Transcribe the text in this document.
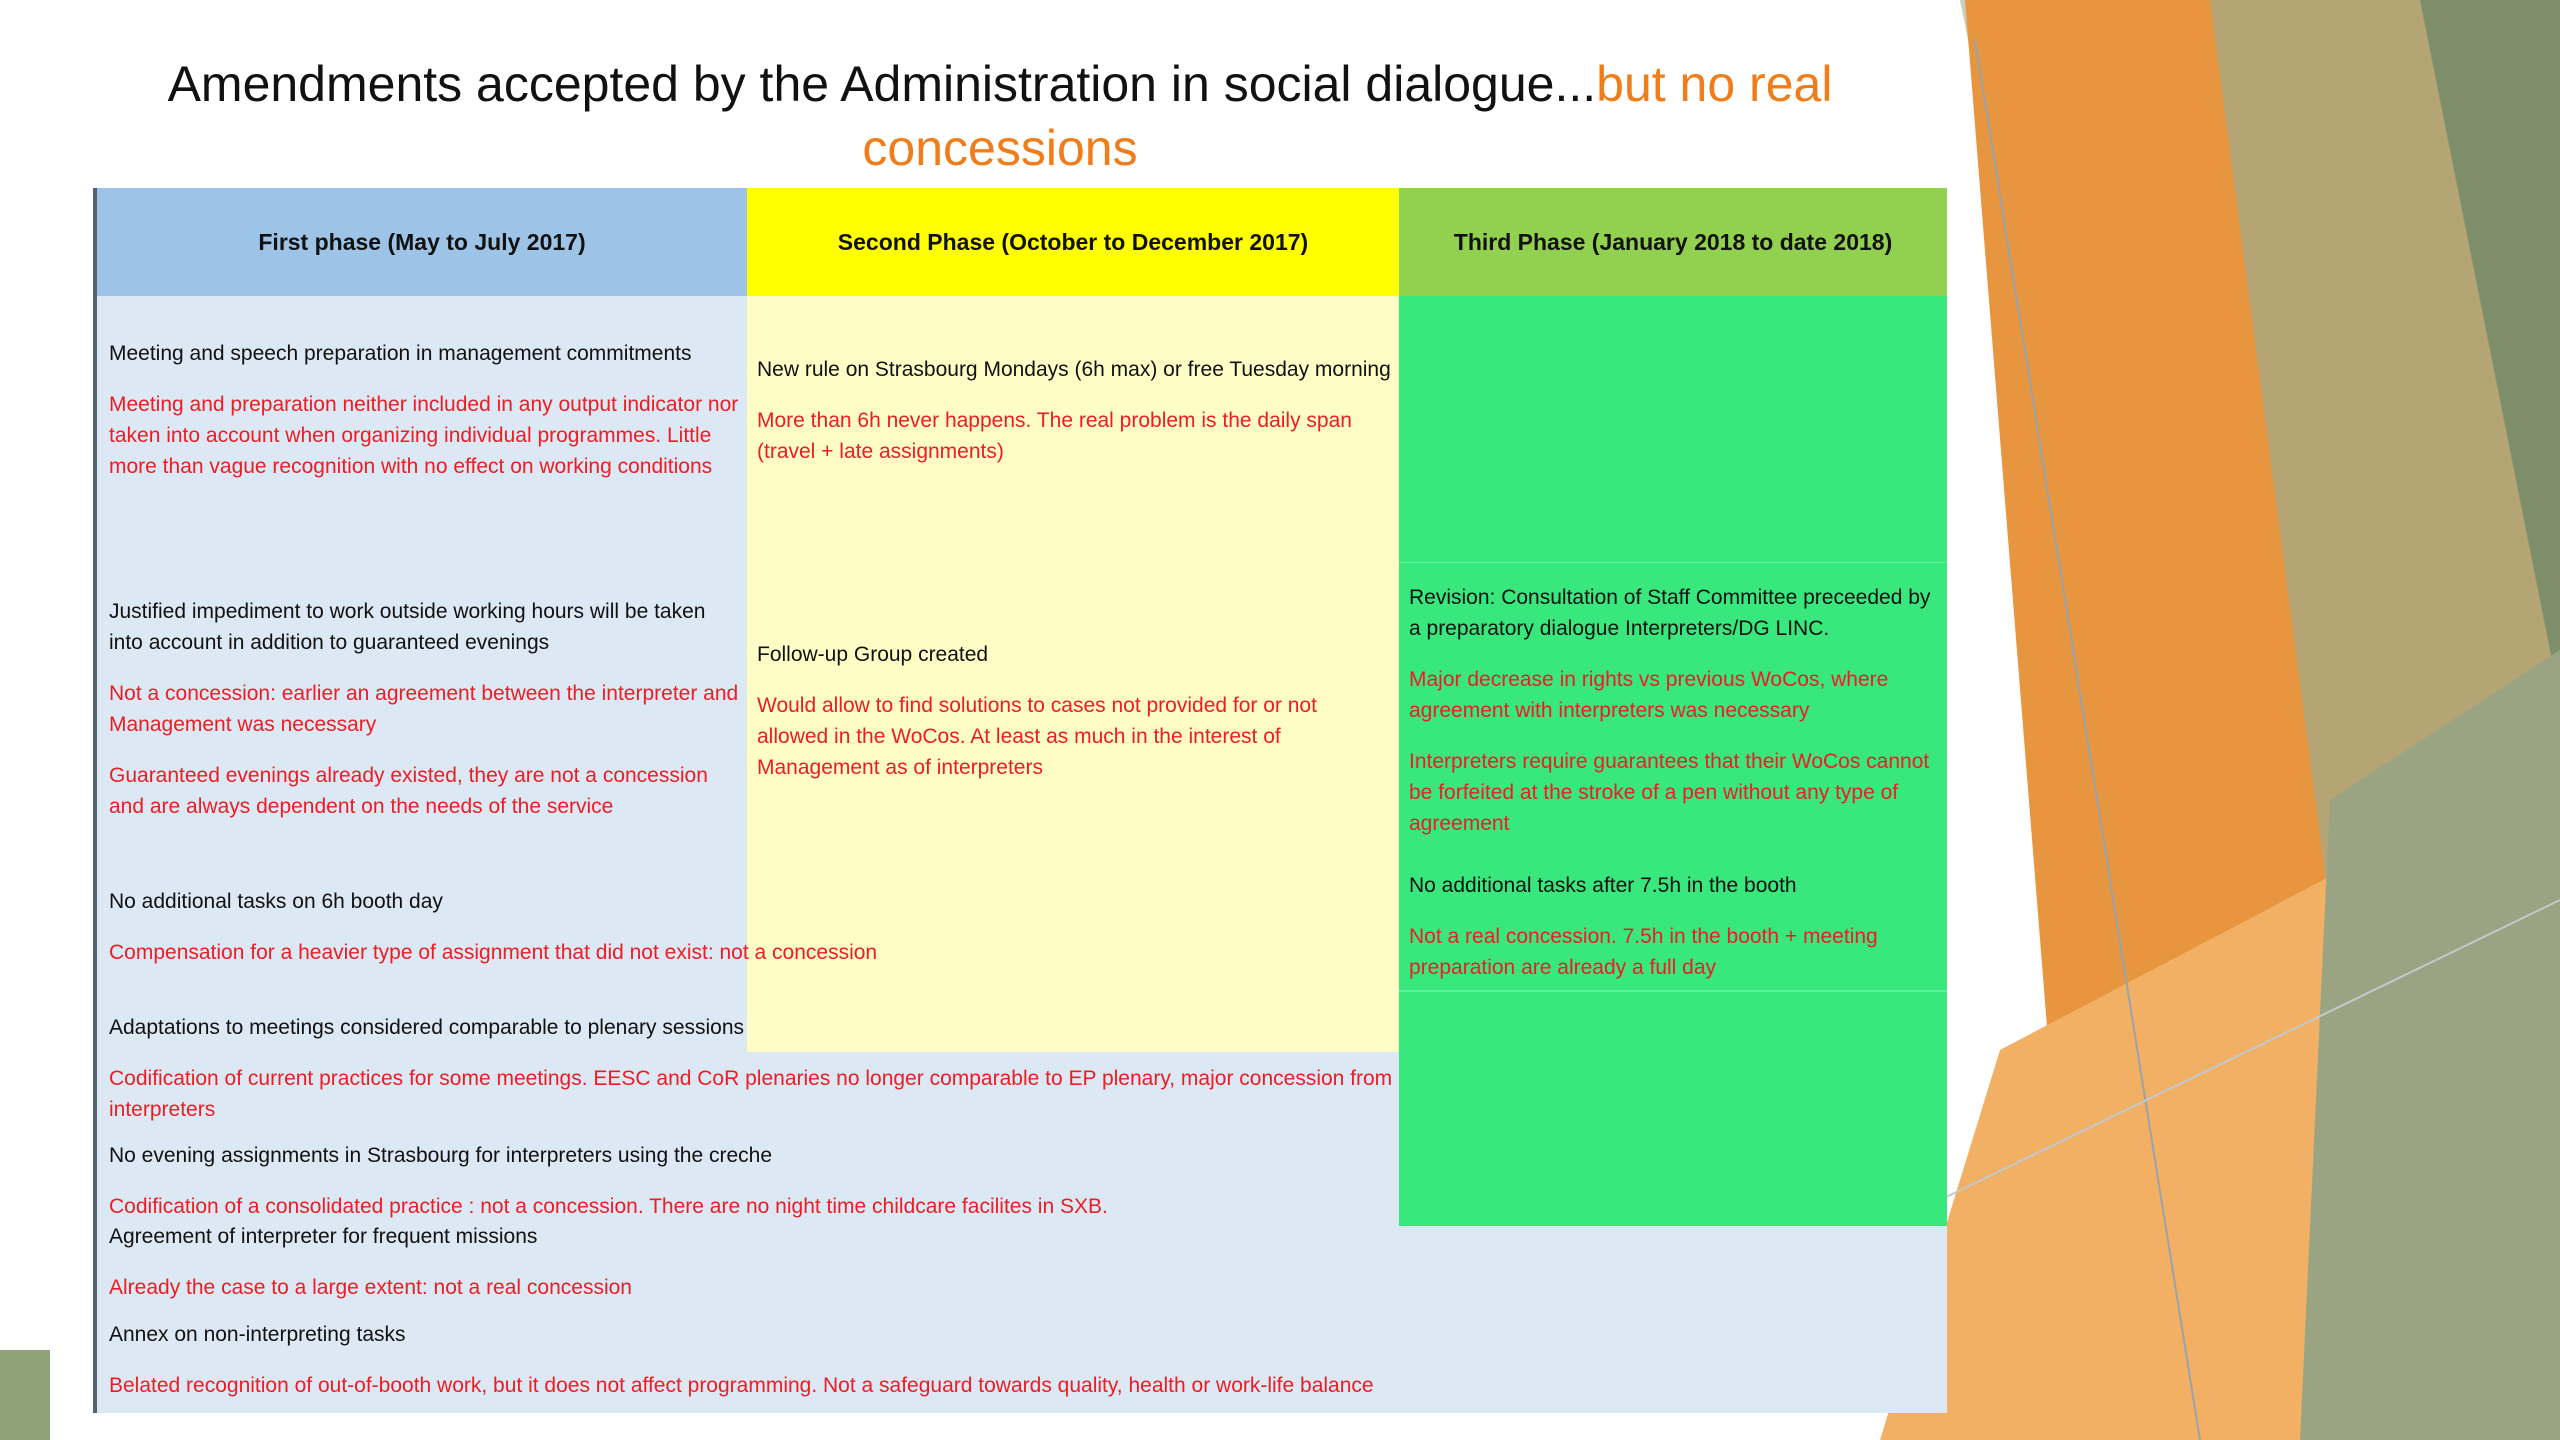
Amendments accepted by the Administration in social dialogue...but no real concessions
First phase (May to July 2017)	Second Phase (October to December 2017)	Third Phase (January 2018 to date 2018)

Meeting and speech preparation in management commitments

Meeting and preparation neither included in any output indicator nor taken into account when organizing individual programmes. Little more than vague recognition with no effect on working conditions

Justified impediment to work outside working hours will be taken into account in addition to guaranteed evenings

Not a concession: earlier an agreement between the interpreter and Management was necessary

Guaranteed evenings already existed, they are not a concession and are always dependent on the needs of the service

New rule on Strasbourg Mondays (6h max) or free Tuesday morning

More than 6h never happens. The real problem is the daily span (travel + late assignments)

Follow-up Group created

Would allow to find solutions to cases not provided for or not allowed in the WoCos. At least as much in the interest of Management as of interpreters

Revision: Consultation of Staff Committee preceeded by a preparatory dialogue Interpreters/DG LINC.

Major decrease in rights vs previous WoCos, where agreement with interpreters was necessary

Interpreters require guarantees that their WoCos cannot be forfeited at the stroke of a pen without any type of agreement

No additional tasks after 7.5h in the booth

Not a real concession. 7.5h in the booth + meeting preparation are already a full day

No additional tasks on 6h booth day

Compensation for a heavier type of assignment that did not exist: not a concession

Adaptations to meetings considered comparable to plenary sessions

Codification of current practices for some meetings. EESC and CoR plenaries no longer comparable to EP plenary, major concession from interpreters

No evening assignments in Strasbourg for interpreters using the creche

Codification of a consolidated practice : not a concession. There are no night time childcare facilites in SXB.

Agreement of interpreter for frequent missions

Already the case to a large extent: not a real concession

Annex on non-interpreting tasks

Belated recognition of out-of-booth work, but it does not affect programming. Not a safeguard towards quality, health or work-life balance
